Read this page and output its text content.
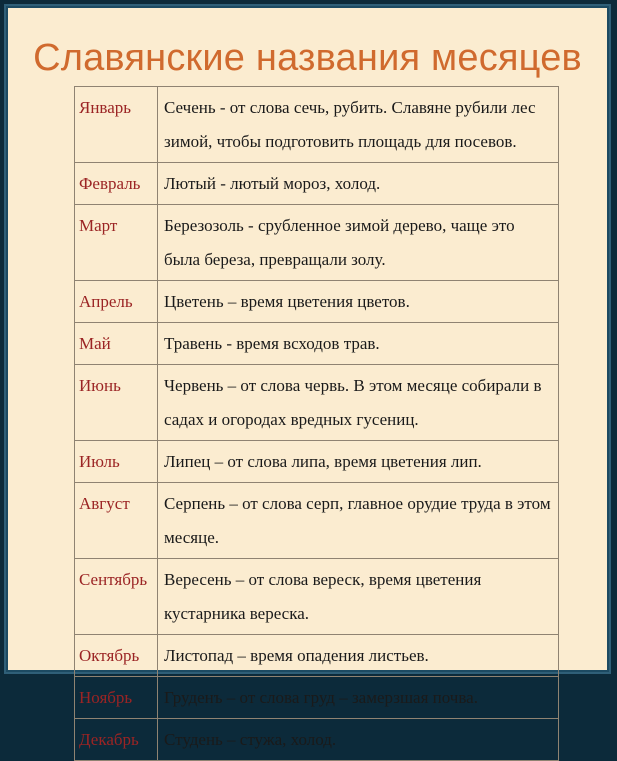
Славянские названия месяцев
Январь	Сечень - от слова сечь, рубить. Славяне рубили лес зимой, чтобы подготовить площадь для посевов.
Февраль	Лютый - лютый мороз, холод.
Март	Березозоль - срубленное зимой дерево, чаще это была береза, превращали золу.
Апрель	Цветень – время цветения цветов.
Май	Травень - время всходов трав.
Июнь	Червень – от слова червь. В этом месяце собирали в садах и огородах вредных гусениц.
Июль	Липец – от слова липа, время цветения лип.
Август	Серпень – от слова серп, главное орудие труда в этом месяце.
Сентябрь	Вересень – от слова вереск, время цветения кустарника вереска.
Октябрь	Листопад – время опадения листьев.
Ноябрь	Груденъ – от слова груд – замерзшая почва.
Декабрь	Студень – стужа, холод.
